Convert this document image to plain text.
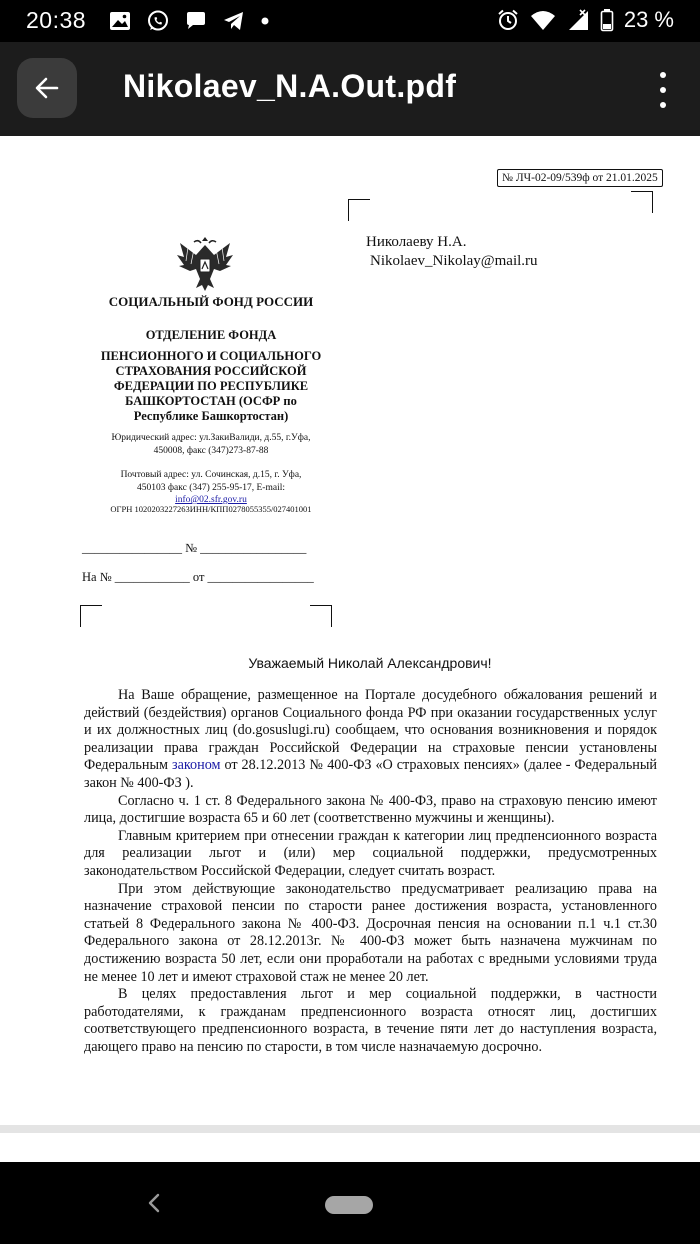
20:38	23 %
Nikolaev_N.A.Out.pdf
№ ЛЧ-02-09/539ф от 21.01.2025
Николаеву Н.А.
Nikolaev_Nikolay@mail.ru
СОЦИАЛЬНЫЙ ФОНД РОССИИ
ОТДЕЛЕНИЕ ФОНДА
ПЕНСИОННОГО И СОЦИАЛЬНОГО
СТРАХОВАНИЯ РОССИЙСКОЙ
ФЕДЕРАЦИИ ПО РЕСПУБЛИКЕ
БАШКОРТОСТАН (ОСФР по
Республике Башкортостан)
Юридический адрес: ул.ЗакиВалиди, д.55, г.Уфа,
450008, факс (347)273-87-88
Почтовый адрес: ул. Сочинская, д.15, г. Уфа,
450103 факс (347) 255-95-17, E-mail:
info@02.sfr.gov.ru
ОГРН 1020203227263ИНН/КПП0278055355/027401001
________________ № _________________
На № ____________ от _________________
Уважаемый Николай Александрович!

На Ваше обращение, размещенное на Портале досудебного обжалования решений и действий (бездействия) органов Социального фонда РФ при оказании государственных услуг и их должностных лиц (do.gosuslugi.ru) сообщаем, что основания возникновения и порядок реализации права граждан Российской Федерации на страховые пенсии установлены Федеральным законом от 28.12.2013 № 400-ФЗ «О страховых пенсиях» (далее - Федеральный закон № 400-ФЗ ).

Согласно ч. 1 ст. 8 Федерального закона № 400-ФЗ, право на страховую пенсию имеют лица, достигшие возраста 65 и 60 лет (соответственно мужчины и женщины).

Главным критерием при отнесении граждан к категории лиц предпенсионного возраста для реализации льгот и (или) мер социальной поддержки, предусмотренных законодательством Российской Федерации, следует считать возраст.

При этом действующие законодательство предусматривает реализацию права на назначение страховой пенсии по старости ранее достижения возраста, установленного статьей 8 Федерального закона № 400-ФЗ. Досрочная пенсия на основании п.1 ч.1 ст.30 Федерального закона от 28.12.2013г. № 400-ФЗ может быть назначена мужчинам по достижению возраста 50 лет, если они проработали на работах с вредными условиями труда не менее 10 лет и имеют страховой стаж не менее 20 лет.

В целях предоставления льгот и мер социальной поддержки, в частности работодателями, к гражданам предпенсионного возраста относят лиц, достигших соответствующего предпенсионного возраста, в течение пяти лет до наступления возраста, дающего право на пенсию по старости, в том числе назначаемую досрочно.
